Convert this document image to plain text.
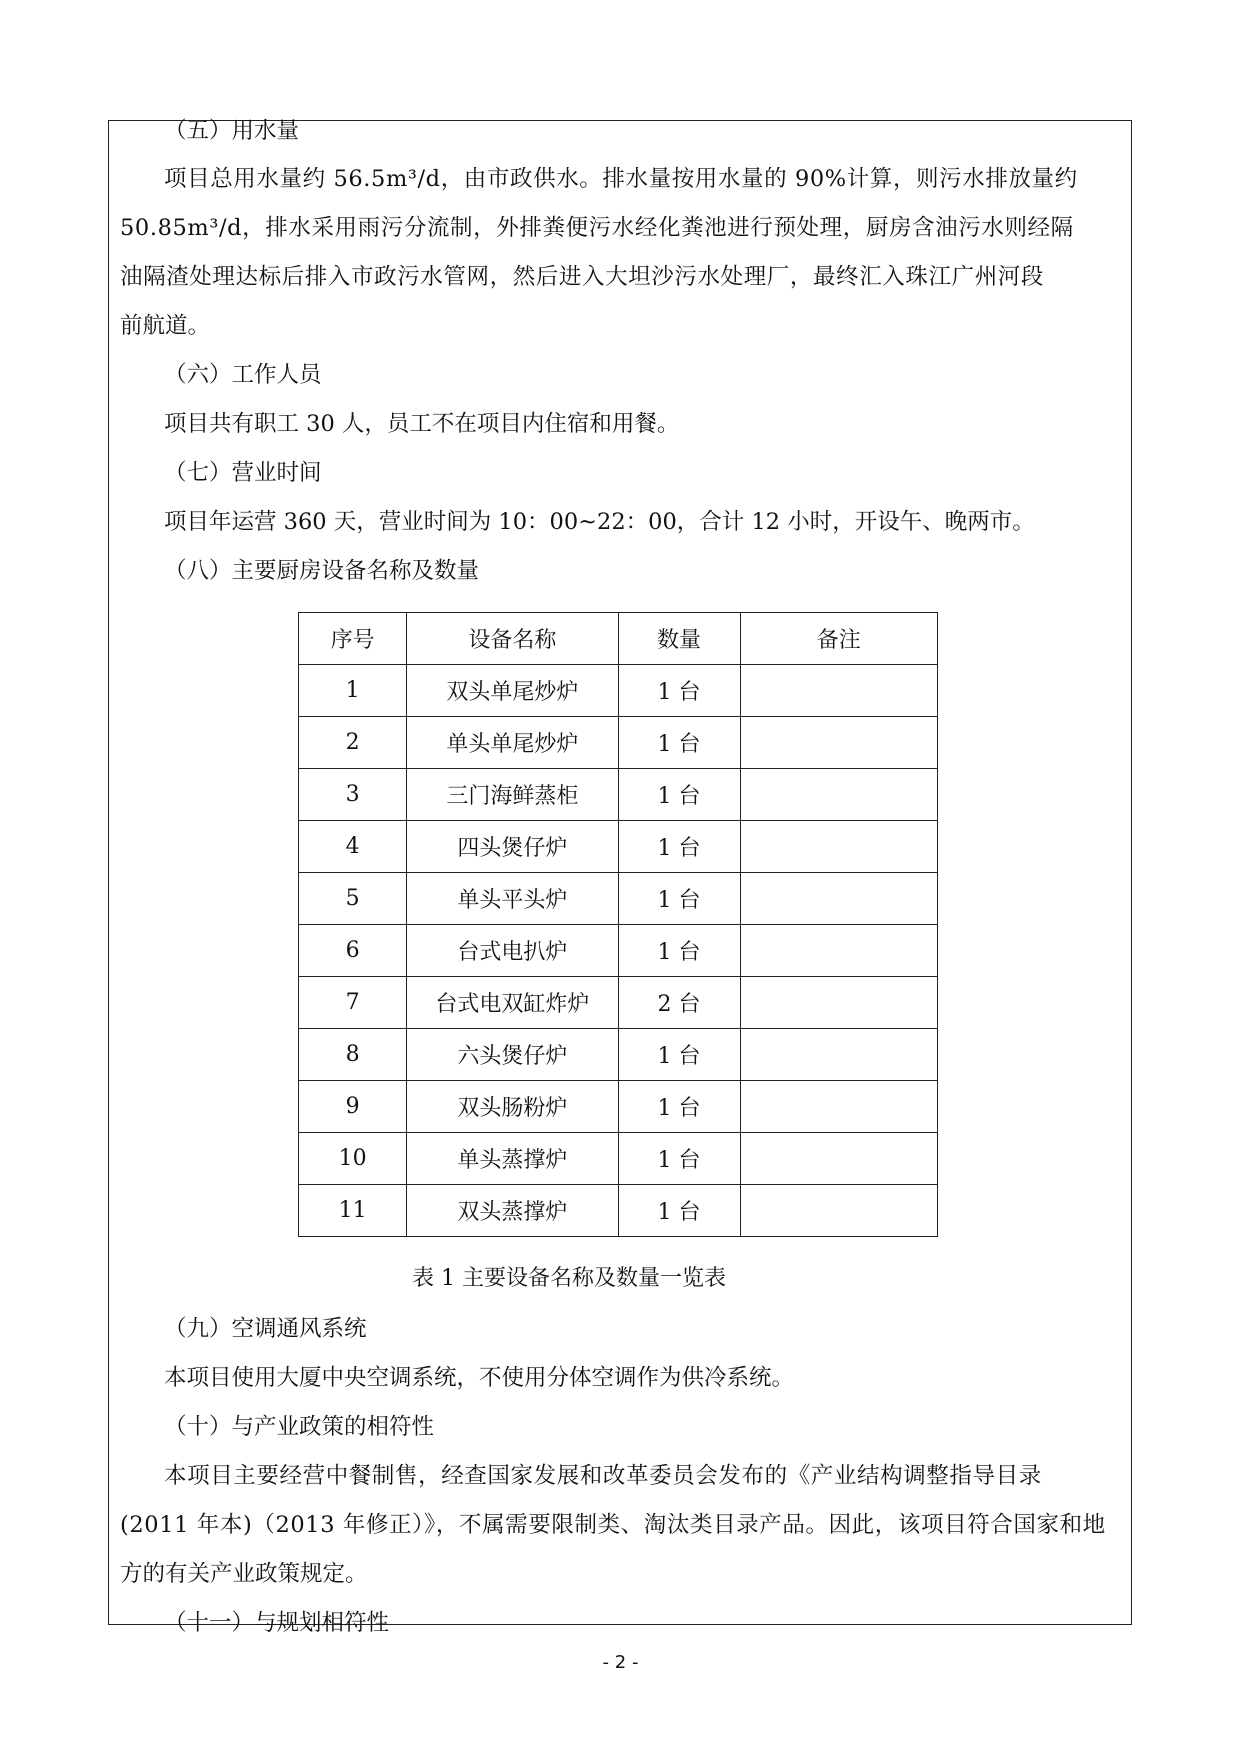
（五）用水量
项目总用水量约 56.5m³/d，由市政供水。排水量按用水量的 90%计算，则污水排放量约
50.85m³/d，排水采用雨污分流制，外排粪便污水经化粪池进行预处理，厨房含油污水则经隔
油隔渣处理达标后排入市政污水管网，然后进入大坦沙污水处理厂，最终汇入珠江广州河段
前航道。
（六）工作人员
项目共有职工 30 人，员工不在项目内住宿和用餐。
（七）营业时间
项目年运营 360 天，营业时间为 10：00~22：00，合计 12 小时，开设午、晚两市。
（八）主要厨房设备名称及数量
序号	设备名称	数量	备注
1	双头单尾炒炉	1 台	
2	单头单尾炒炉	1 台	
3	三门海鲜蒸柜	1 台	
4	四头煲仔炉	1 台	
5	单头平头炉	1 台	
6	台式电扒炉	1 台	
7	台式电双缸炸炉	2 台	
8	六头煲仔炉	1 台	
9	双头肠粉炉	1 台	
10	单头蒸撑炉	1 台	
11	双头蒸撑炉	1 台	
表 1 主要设备名称及数量一览表
（九）空调通风系统
本项目使用大厦中央空调系统，不使用分体空调作为供冷系统。
（十）与产业政策的相符性
本项目主要经营中餐制售，经查国家发展和改革委员会发布的《产业结构调整指导目录
(2011 年本)（2013 年修正）》，不属需要限制类、淘汰类目录产品。因此，该项目符合国家和地
方的有关产业政策规定。
（十一）与规划相符性
- 2 -
